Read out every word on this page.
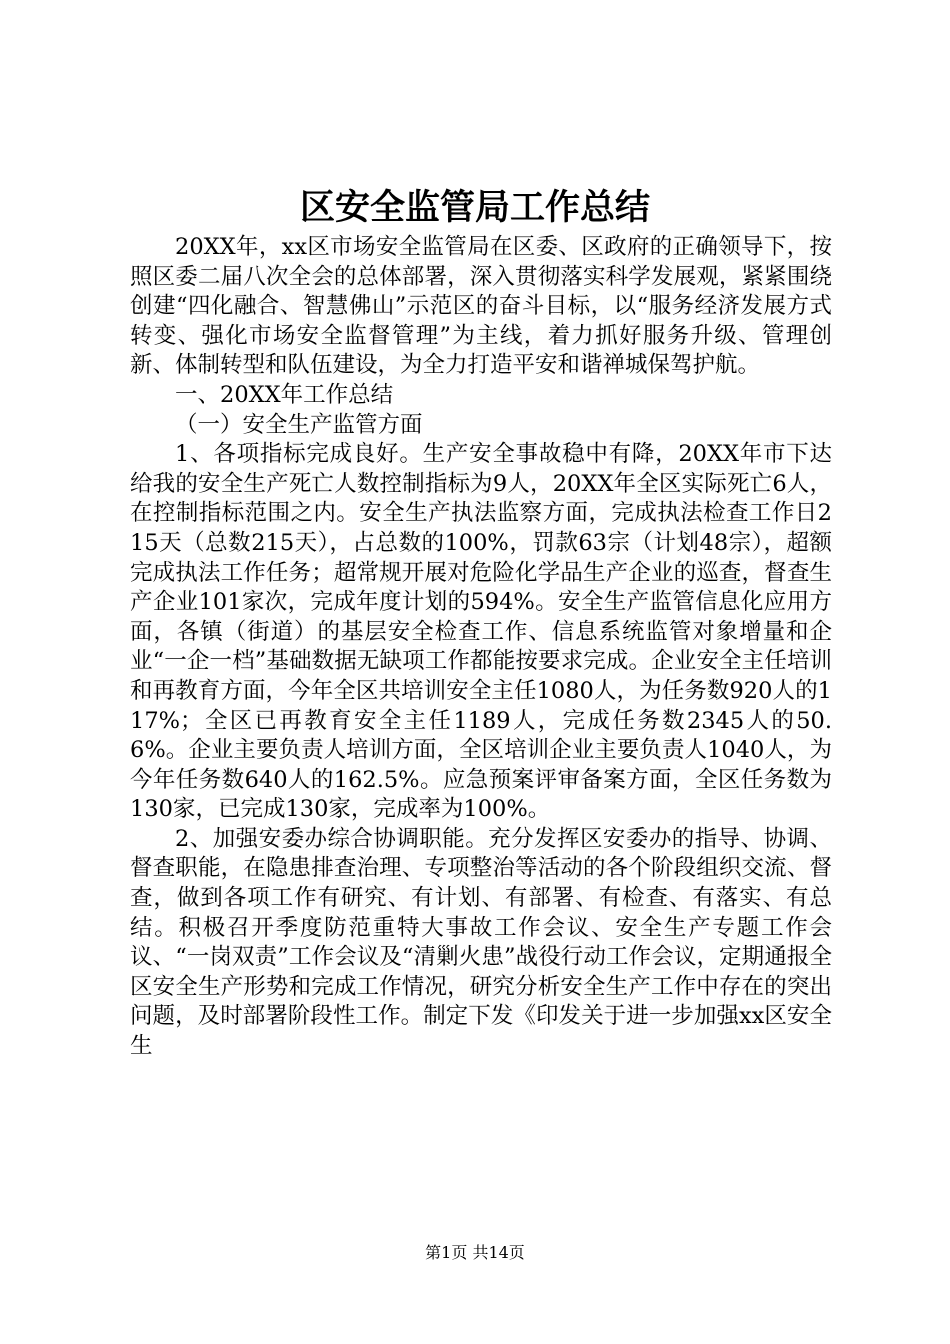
区安全监管局工作总结

20XX年，xx区市场安全监管局在区委、区政府的正确领导下，按照区委二届八次全会的总体部署，深入贯彻落实科学发展观，紧紧围绕创建“四化融合、智慧佛山”示范区的奋斗目标，以“服务经济发展方式转变、强化市场安全监督管理”为主线，着力抓好服务升级、管理创新、体制转型和队伍建设，为全力打造平安和谐禅城保驾护航。

一、20XX年工作总结

（一）安全生产监管方面

1、各项指标完成良好。生产安全事故稳中有降，20XX年市下达给我的安全生产死亡人数控制指标为9人，20XX年全区实际死亡6人，在控制指标范围之内。安全生产执法监察方面，完成执法检查工作日215天（总数215天），占总数的100%，罚款63宗（计划48宗），超额完成执法工作任务；超常规开展对危险化学品生产企业的巡查，督查生产企业101家次，完成年度计划的594%。安全生产监管信息化应用方面，各镇（街道）的基层安全检查工作、信息系统监管对象增量和企业“一企一档”基础数据无缺项工作都能按要求完成。企业安全主任培训和再教育方面，今年全区共培训安全主任1080人，为任务数920人的117%；全区已再教育安全主任1189人，完成任务数2345人的50.6%。企业主要负责人培训方面，全区培训企业主要负责人1040人，为今年任务数640人的162.5%。应急预案评审备案方面，全区任务数为130家，已完成130家，完成率为100%。

2、加强安委办综合协调职能。充分发挥区安委办的指导、协调、督查职能，在隐患排查治理、专项整治等活动的各个阶段组织交流、督查，做到各项工作有研究、有计划、有部署、有检查、有落实、有总结。积极召开季度防范重特大事故工作会议、安全生产专题工作会议、“一岗双责”工作会议及“清剿火患”战役行动工作会议，定期通报全区安全生产形势和完成工作情况，研究分析安全生产工作中存在的突出问题，及时部署阶段性工作。制定下发《印发关于进一步加强xx区安全生

第1页 共14页
